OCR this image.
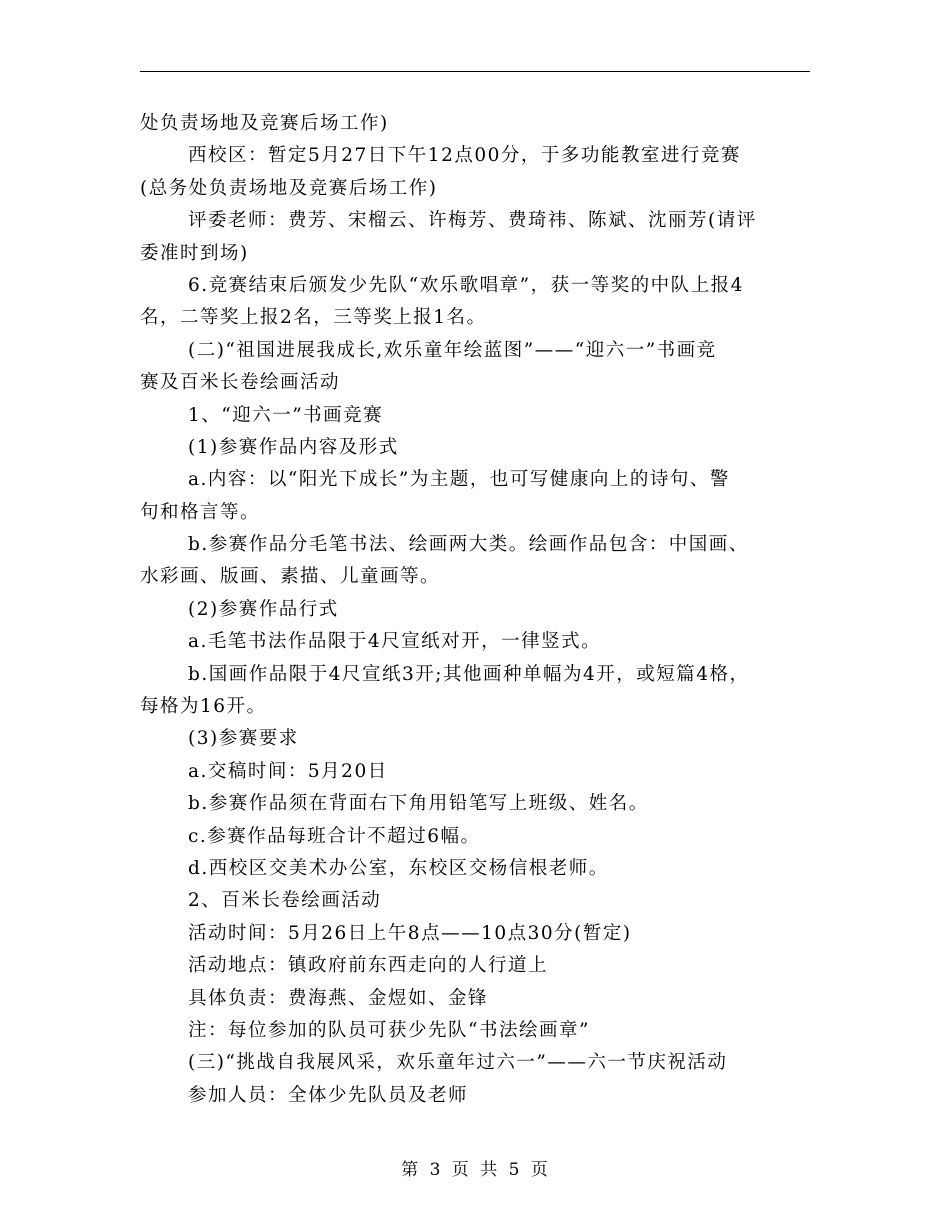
处负责场地及竞赛后场工作)
西校区：暂定5月27日下午12点00分，于多功能教室进行竞赛
(总务处负责场地及竞赛后场工作)
评委老师：费芳、宋榴云、许梅芳、费琦祎、陈斌、沈丽芳(请评
委准时到场)
6.竞赛结束后颁发少先队“欢乐歌唱章”，获一等奖的中队上报4
名，二等奖上报2名，三等奖上报1名。
(二)“祖国进展我成长,欢乐童年绘蓝图”——“迎六一”书画竞
赛及百米长卷绘画活动
1、“迎六一”书画竞赛
(1)参赛作品内容及形式
a.内容：以“阳光下成长”为主题，也可写健康向上的诗句、警
句和格言等。
b.参赛作品分毛笔书法、绘画两大类。绘画作品包含：中国画、
水彩画、版画、素描、儿童画等。
(2)参赛作品行式
a.毛笔书法作品限于4尺宣纸对开，一律竖式。
b.国画作品限于4尺宣纸3开;其他画种单幅为4开，或短篇4格，
每格为16开。
(3)参赛要求
a.交稿时间：5月20日
b.参赛作品须在背面右下角用铅笔写上班级、姓名。
c.参赛作品每班合计不超过6幅。
d.西校区交美术办公室，东校区交杨信根老师。
2、百米长卷绘画活动
活动时间：5月26日上午8点——10点30分(暂定)
活动地点：镇政府前东西走向的人行道上
具体负责：费海燕、金煜如、金锋
注：每位参加的队员可获少先队“书法绘画章”
(三)“挑战自我展风采，欢乐童年过六一”——六一节庆祝活动
参加人员：全体少先队员及老师
第 3 页 共 5 页
